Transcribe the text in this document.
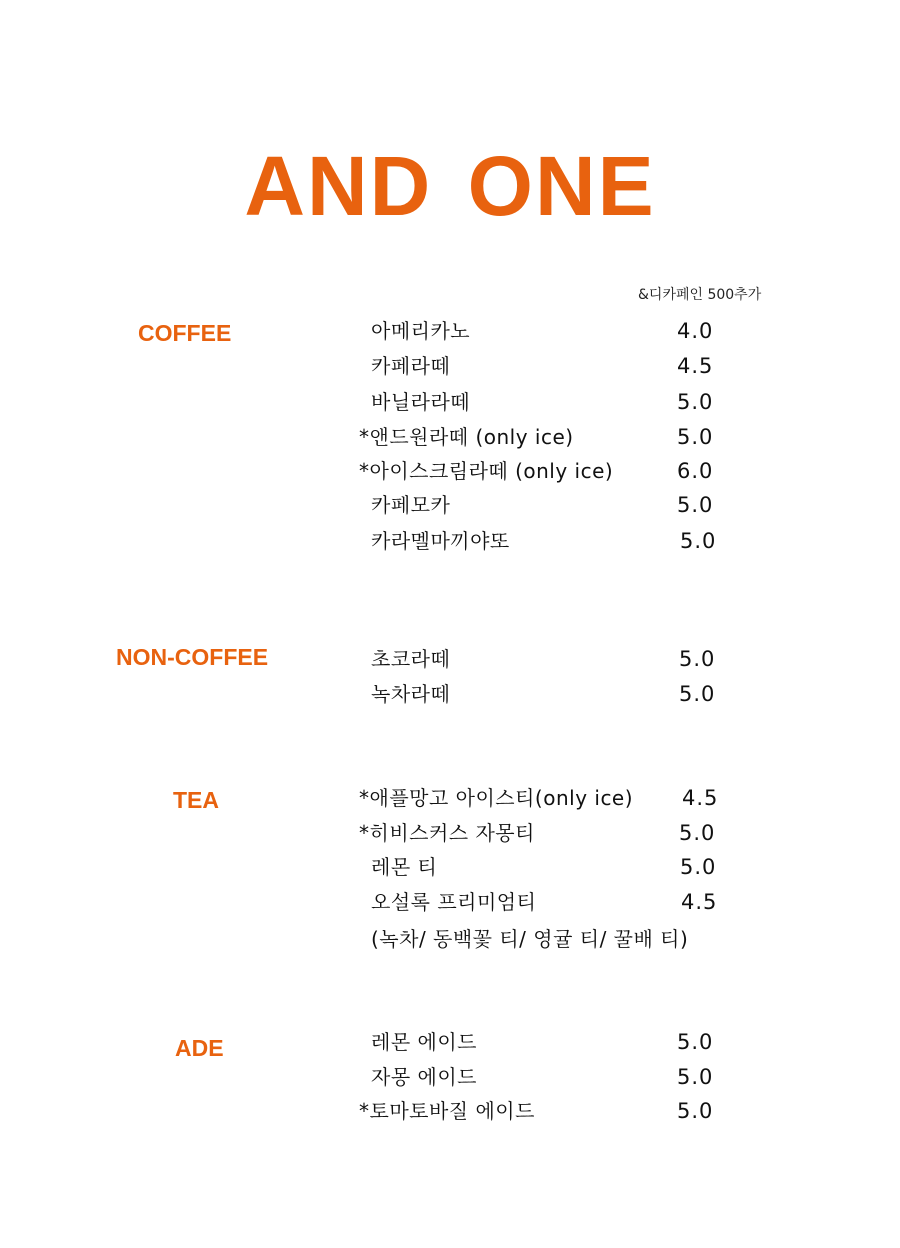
AND ONE
&디카페인 500추가
COFFEE	아메리카노	4.0
카페라떼	4.5
바닐라라떼	5.0
*앤드원라떼 (only ice)	5.0
*아이스크림라떼 (only ice)	6.0
카페모카	5.0
카라멜마끼야또	5.0
NON-COFFEE	초코라떼	5.0
녹차라떼	5.0
TEA	*애플망고 아이스티(only ice) 4.5
*히비스커스 자몽티	5.0
레몬 티	5.0
오설록 프리미엄티	4.5
(녹차/ 동백꽃 티/ 영귤 티/ 꿀배 티)
ADE	레몬 에이드	5.0
자몽 에이드	5.0
*토마토바질 에이드	5.0
